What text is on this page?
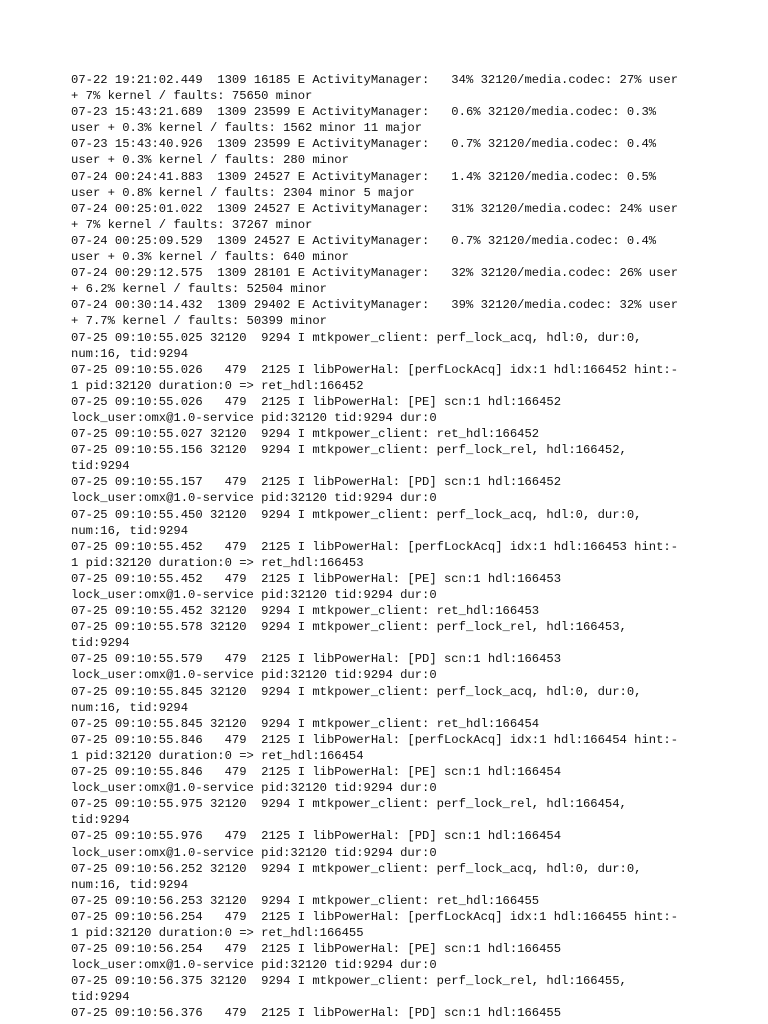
07-22 19:21:02.449  1309 16185 E ActivityManager:   34% 32120/media.codec: 27% user

+ 7% kernel / faults: 75650 minor

07-23 15:43:21.689  1309 23599 E ActivityManager:   0.6% 32120/media.codec: 0.3%

user + 0.3% kernel / faults: 1562 minor 11 major

07-23 15:43:40.926  1309 23599 E ActivityManager:   0.7% 32120/media.codec: 0.4%

user + 0.3% kernel / faults: 280 minor

07-24 00:24:41.883  1309 24527 E ActivityManager:   1.4% 32120/media.codec: 0.5%

user + 0.8% kernel / faults: 2304 minor 5 major

07-24 00:25:01.022  1309 24527 E ActivityManager:   31% 32120/media.codec: 24% user

+ 7% kernel / faults: 37267 minor

07-24 00:25:09.529  1309 24527 E ActivityManager:   0.7% 32120/media.codec: 0.4%

user + 0.3% kernel / faults: 640 minor

07-24 00:29:12.575  1309 28101 E ActivityManager:   32% 32120/media.codec: 26% user

+ 6.2% kernel / faults: 52504 minor

07-24 00:30:14.432  1309 29402 E ActivityManager:   39% 32120/media.codec: 32% user

+ 7.7% kernel / faults: 50399 minor

07-25 09:10:55.025 32120  9294 I mtkpower_client: perf_lock_acq, hdl:0, dur:0,

num:16, tid:9294

07-25 09:10:55.026   479  2125 I libPowerHal: [perfLockAcq] idx:1 hdl:166452 hint:-

1 pid:32120 duration:0 => ret_hdl:166452

07-25 09:10:55.026   479  2125 I libPowerHal: [PE] scn:1 hdl:166452

lock_user:omx@1.0-service pid:32120 tid:9294 dur:0

07-25 09:10:55.027 32120  9294 I mtkpower_client: ret_hdl:166452

07-25 09:10:55.156 32120  9294 I mtkpower_client: perf_lock_rel, hdl:166452,

tid:9294

07-25 09:10:55.157   479  2125 I libPowerHal: [PD] scn:1 hdl:166452

lock_user:omx@1.0-service pid:32120 tid:9294 dur:0

07-25 09:10:55.450 32120  9294 I mtkpower_client: perf_lock_acq, hdl:0, dur:0,

num:16, tid:9294

07-25 09:10:55.452   479  2125 I libPowerHal: [perfLockAcq] idx:1 hdl:166453 hint:-

1 pid:32120 duration:0 => ret_hdl:166453

07-25 09:10:55.452   479  2125 I libPowerHal: [PE] scn:1 hdl:166453

lock_user:omx@1.0-service pid:32120 tid:9294 dur:0

07-25 09:10:55.452 32120  9294 I mtkpower_client: ret_hdl:166453

07-25 09:10:55.578 32120  9294 I mtkpower_client: perf_lock_rel, hdl:166453,

tid:9294

07-25 09:10:55.579   479  2125 I libPowerHal: [PD] scn:1 hdl:166453

lock_user:omx@1.0-service pid:32120 tid:9294 dur:0

07-25 09:10:55.845 32120  9294 I mtkpower_client: perf_lock_acq, hdl:0, dur:0,

num:16, tid:9294

07-25 09:10:55.845 32120  9294 I mtkpower_client: ret_hdl:166454

07-25 09:10:55.846   479  2125 I libPowerHal: [perfLockAcq] idx:1 hdl:166454 hint:-

1 pid:32120 duration:0 => ret_hdl:166454

07-25 09:10:55.846   479  2125 I libPowerHal: [PE] scn:1 hdl:166454

lock_user:omx@1.0-service pid:32120 tid:9294 dur:0

07-25 09:10:55.975 32120  9294 I mtkpower_client: perf_lock_rel, hdl:166454,

tid:9294

07-25 09:10:55.976   479  2125 I libPowerHal: [PD] scn:1 hdl:166454

lock_user:omx@1.0-service pid:32120 tid:9294 dur:0

07-25 09:10:56.252 32120  9294 I mtkpower_client: perf_lock_acq, hdl:0, dur:0,

num:16, tid:9294

07-25 09:10:56.253 32120  9294 I mtkpower_client: ret_hdl:166455

07-25 09:10:56.254   479  2125 I libPowerHal: [perfLockAcq] idx:1 hdl:166455 hint:-

1 pid:32120 duration:0 => ret_hdl:166455

07-25 09:10:56.254   479  2125 I libPowerHal: [PE] scn:1 hdl:166455

lock_user:omx@1.0-service pid:32120 tid:9294 dur:0

07-25 09:10:56.375 32120  9294 I mtkpower_client: perf_lock_rel, hdl:166455,

tid:9294

07-25 09:10:56.376   479  2125 I libPowerHal: [PD] scn:1 hdl:166455
